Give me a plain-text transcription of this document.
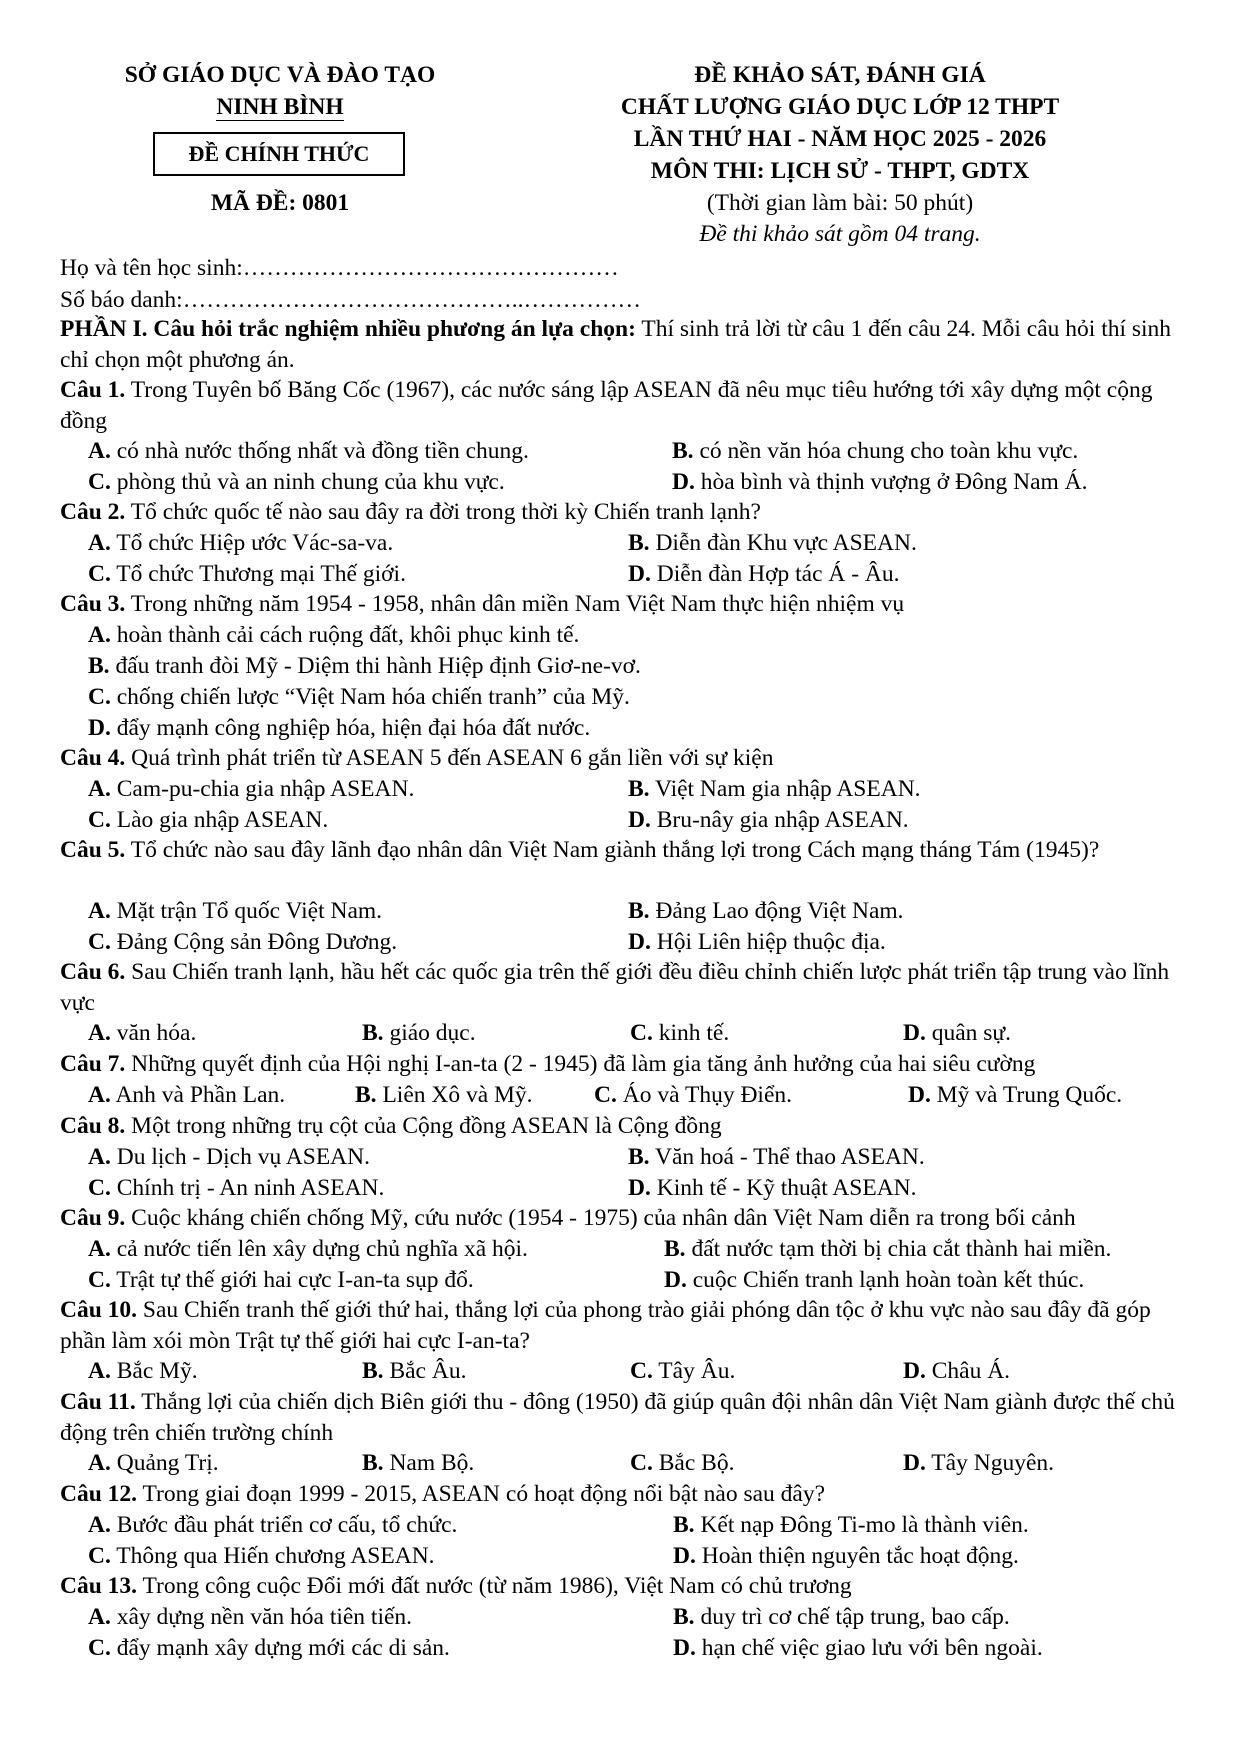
SỞ GIÁO DỤC VÀ ĐÀO TẠO
NINH BÌNH
ĐỀ CHÍNH THỨC
MÃ ĐỀ: 0801
ĐỀ KHẢO SÁT, ĐÁNH GIÁ
CHẤT LƯỢNG GIÁO DỤC LỚP 12 THPT
LẦN THỨ HAI - NĂM HỌC 2025 - 2026
MÔN THI: LỊCH SỬ - THPT, GDTX
(Thời gian làm bài: 50 phút)
Đề thi khảo sát gồm 04 trang.
Họ và tên học sinh:…………………………………………
Số báo danh:……………………………………..……………
PHẦN I. Câu hỏi trắc nghiệm nhiều phương án lựa chọn: Thí sinh trả lời từ câu 1 đến câu 24. Mỗi câu hỏi thí sinh chỉ chọn một phương án.
Câu 1. Trong Tuyên bố Băng Cốc (1967), các nước sáng lập ASEAN đã nêu mục tiêu hướng tới xây dựng một cộng đồng
A. có nhà nước thống nhất và đồng tiền chung.	B. có nền văn hóa chung cho toàn khu vực.
C. phòng thủ và an ninh chung của khu vực.	D. hòa bình và thịnh vượng ở Đông Nam Á.
Câu 2. Tổ chức quốc tế nào sau đây ra đời trong thời kỳ Chiến tranh lạnh?
A. Tổ chức Hiệp ước Vác-sa-va.	B. Diễn đàn Khu vực ASEAN.
C. Tổ chức Thương mại Thế giới.	D. Diễn đàn Hợp tác Á - Âu.
Câu 3. Trong những năm 1954 - 1958, nhân dân miền Nam Việt Nam thực hiện nhiệm vụ
A. hoàn thành cải cách ruộng đất, khôi phục kinh tế.
B. đấu tranh đòi Mỹ - Diệm thi hành Hiệp định Giơ-ne-vơ.
C. chống chiến lược “Việt Nam hóa chiến tranh” của Mỹ.
D. đẩy mạnh công nghiệp hóa, hiện đại hóa đất nước.
Câu 4. Quá trình phát triển từ ASEAN 5 đến ASEAN 6 gắn liền với sự kiện
A. Cam-pu-chia gia nhập ASEAN.	B. Việt Nam gia nhập ASEAN.
C. Lào gia nhập ASEAN.	D. Bru-nây gia nhập ASEAN.
Câu 5. Tổ chức nào sau đây lãnh đạo nhân dân Việt Nam giành thắng lợi trong Cách mạng tháng Tám (1945)?
A. Mặt trận Tổ quốc Việt Nam.	B. Đảng Lao động Việt Nam.
C. Đảng Cộng sản Đông Dương.	D. Hội Liên hiệp thuộc địa.
Câu 6. Sau Chiến tranh lạnh, hầu hết các quốc gia trên thế giới đều điều chỉnh chiến lược phát triển tập trung vào lĩnh vực
A. văn hóa.	B. giáo dục.	C. kinh tế.	D. quân sự.
Câu 7. Những quyết định của Hội nghị I-an-ta (2 - 1945) đã làm gia tăng ảnh hưởng của hai siêu cường
A. Anh và Phần Lan.	B. Liên Xô và Mỹ.	C. Áo và Thụy Điển.	D. Mỹ và Trung Quốc.
Câu 8. Một trong những trụ cột của Cộng đồng ASEAN là Cộng đồng
A. Du lịch - Dịch vụ ASEAN.	B. Văn hoá - Thể thao ASEAN.
C. Chính trị - An ninh ASEAN.	D. Kinh tế - Kỹ thuật ASEAN.
Câu 9. Cuộc kháng chiến chống Mỹ, cứu nước (1954 - 1975) của nhân dân Việt Nam diễn ra trong bối cảnh
A. cả nước tiến lên xây dựng chủ nghĩa xã hội.	B. đất nước tạm thời bị chia cắt thành hai miền.
C. Trật tự thế giới hai cực I-an-ta sụp đổ.	D. cuộc Chiến tranh lạnh hoàn toàn kết thúc.
Câu 10. Sau Chiến tranh thế giới thứ hai, thắng lợi của phong trào giải phóng dân tộc ở khu vực nào sau đây đã góp phần làm xói mòn Trật tự thế giới hai cực I-an-ta?
A. Bắc Mỹ.	B. Bắc Âu.	C. Tây Âu.	D. Châu Á.
Câu 11. Thắng lợi của chiến dịch Biên giới thu - đông (1950) đã giúp quân đội nhân dân Việt Nam giành được thế chủ động trên chiến trường chính
A. Quảng Trị.	B. Nam Bộ.	C. Bắc Bộ.	D. Tây Nguyên.
Câu 12. Trong giai đoạn 1999 - 2015, ASEAN có hoạt động nổi bật nào sau đây?
A. Bước đầu phát triển cơ cấu, tổ chức.	B. Kết nạp Đông Ti-mo là thành viên.
C. Thông qua Hiến chương ASEAN.	D. Hoàn thiện nguyên tắc hoạt động.
Câu 13. Trong công cuộc Đổi mới đất nước (từ năm 1986), Việt Nam có chủ trương
A. xây dựng nền văn hóa tiên tiến.	B. duy trì cơ chế tập trung, bao cấp.
C. đẩy mạnh xây dựng mới các di sản.	D. hạn chế việc giao lưu với bên ngoài.
